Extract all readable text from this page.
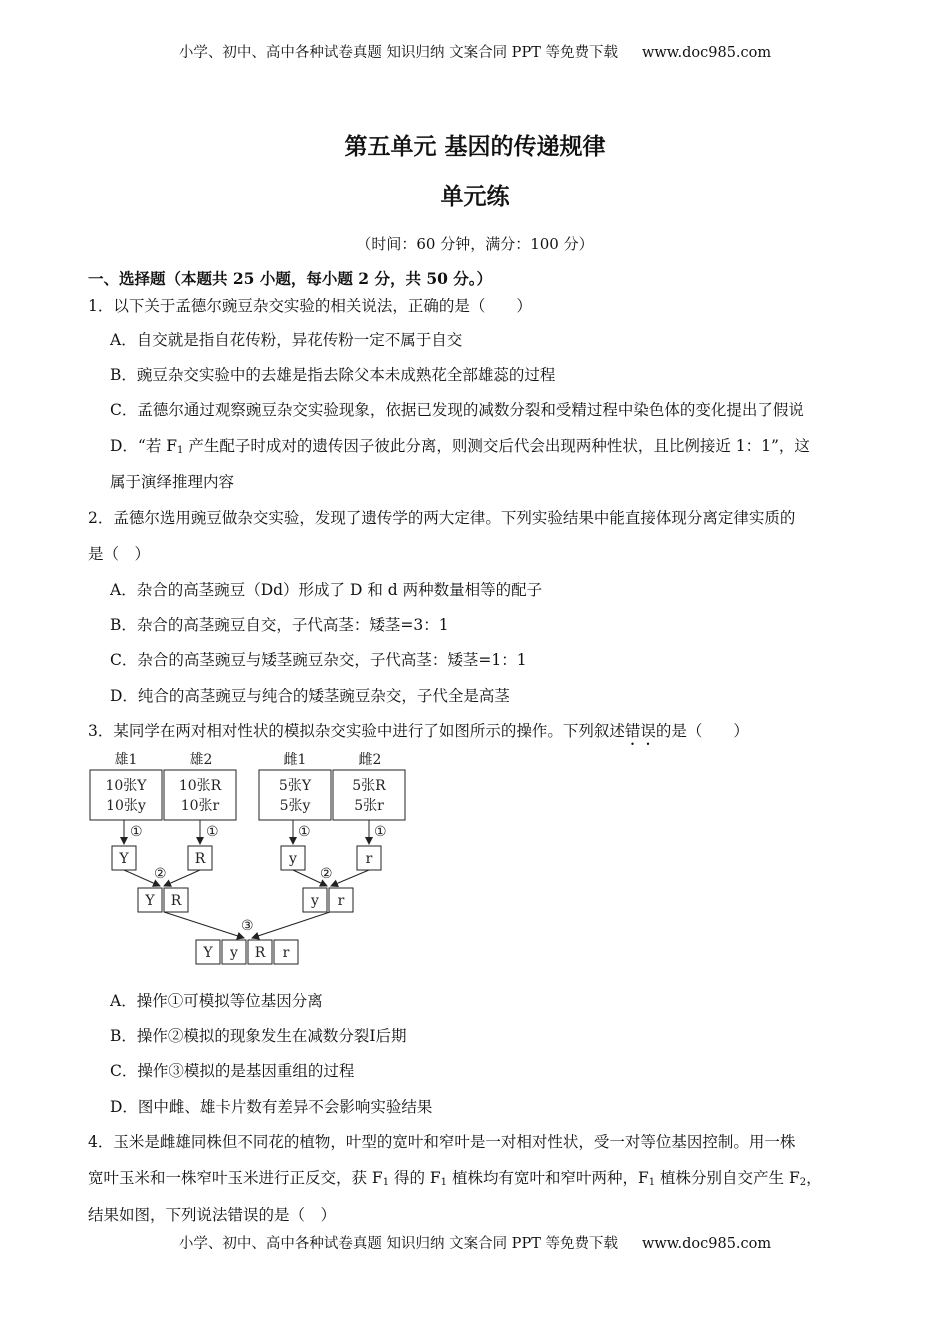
小学、初中、高中各种试卷真题 知识归纳 文案合同 PPT 等免费下载 www.doc985.com
第五单元 基因的传递规律
单元练
（时间：60 分钟，满分：100 分）
一、选择题（本题共 25 小题，每小题 2 分，共 50 分。）
1．以下关于孟德尔豌豆杂交实验的相关说法，正确的是（　　）
A．自交就是指自花传粉，异花传粉一定不属于自交
B．豌豆杂交实验中的去雄是指去除父本未成熟花全部雄蕊的过程
C．孟德尔通过观察豌豆杂交实验现象，依据已发现的减数分裂和受精过程中染色体的变化提出了假说
D．“若 $F_1$ 产生配子时成对的遗传因子彼此分离，则测交后代会出现两种性状，且比例接近 1：1”，这
属于演绎推理内容
2．孟德尔选用豌豆做杂交实验，发现了遗传学的两大定律。下列实验结果中能直接体现分离定律实质的
是（　）
A．杂合的高茎豌豆（Dd）形成了 D 和 d 两种数量相等的配子
B．杂合的高茎豌豆自交，子代高茎：矮茎=3：1
C．杂合的高茎豌豆与矮茎豌豆杂交，子代高茎：矮茎=1：1
D．纯合的高茎豌豆与纯合的矮茎豌豆杂交，子代全是高茎
3．某同学在两对相对性状的模拟杂交实验中进行了如图所示的操作。下列叙述错误的是（　　）
雄1	雄2	雌1	雌2
10张Y
10张y
10张R
10张r
5张Y
5张y
5张R
5张r
①	①	①	①
Y	R	y	r
②	②
Y R	y r
③
Y y R r
A．操作①可模拟等位基因分离
B．操作②模拟的现象发生在减数分裂Ⅰ后期
C．操作③模拟的是基因重组的过程
D．图中雌、雄卡片数有差异不会影响实验结果
4．玉米是雌雄同株但不同花的植物，叶型的宽叶和窄叶是一对相对性状，受一对等位基因控制。用一株
宽叶玉米和一株窄叶玉米进行正反交，获 $F_1$ 得的 $F_1$ 植株均有宽叶和窄叶两种，$F_1$ 植株分别自交产生 $F_2$，
结果如图，下列说法错误的是（　）
小学、初中、高中各种试卷真题 知识归纳 文案合同 PPT 等免费下载 www.doc985.com
